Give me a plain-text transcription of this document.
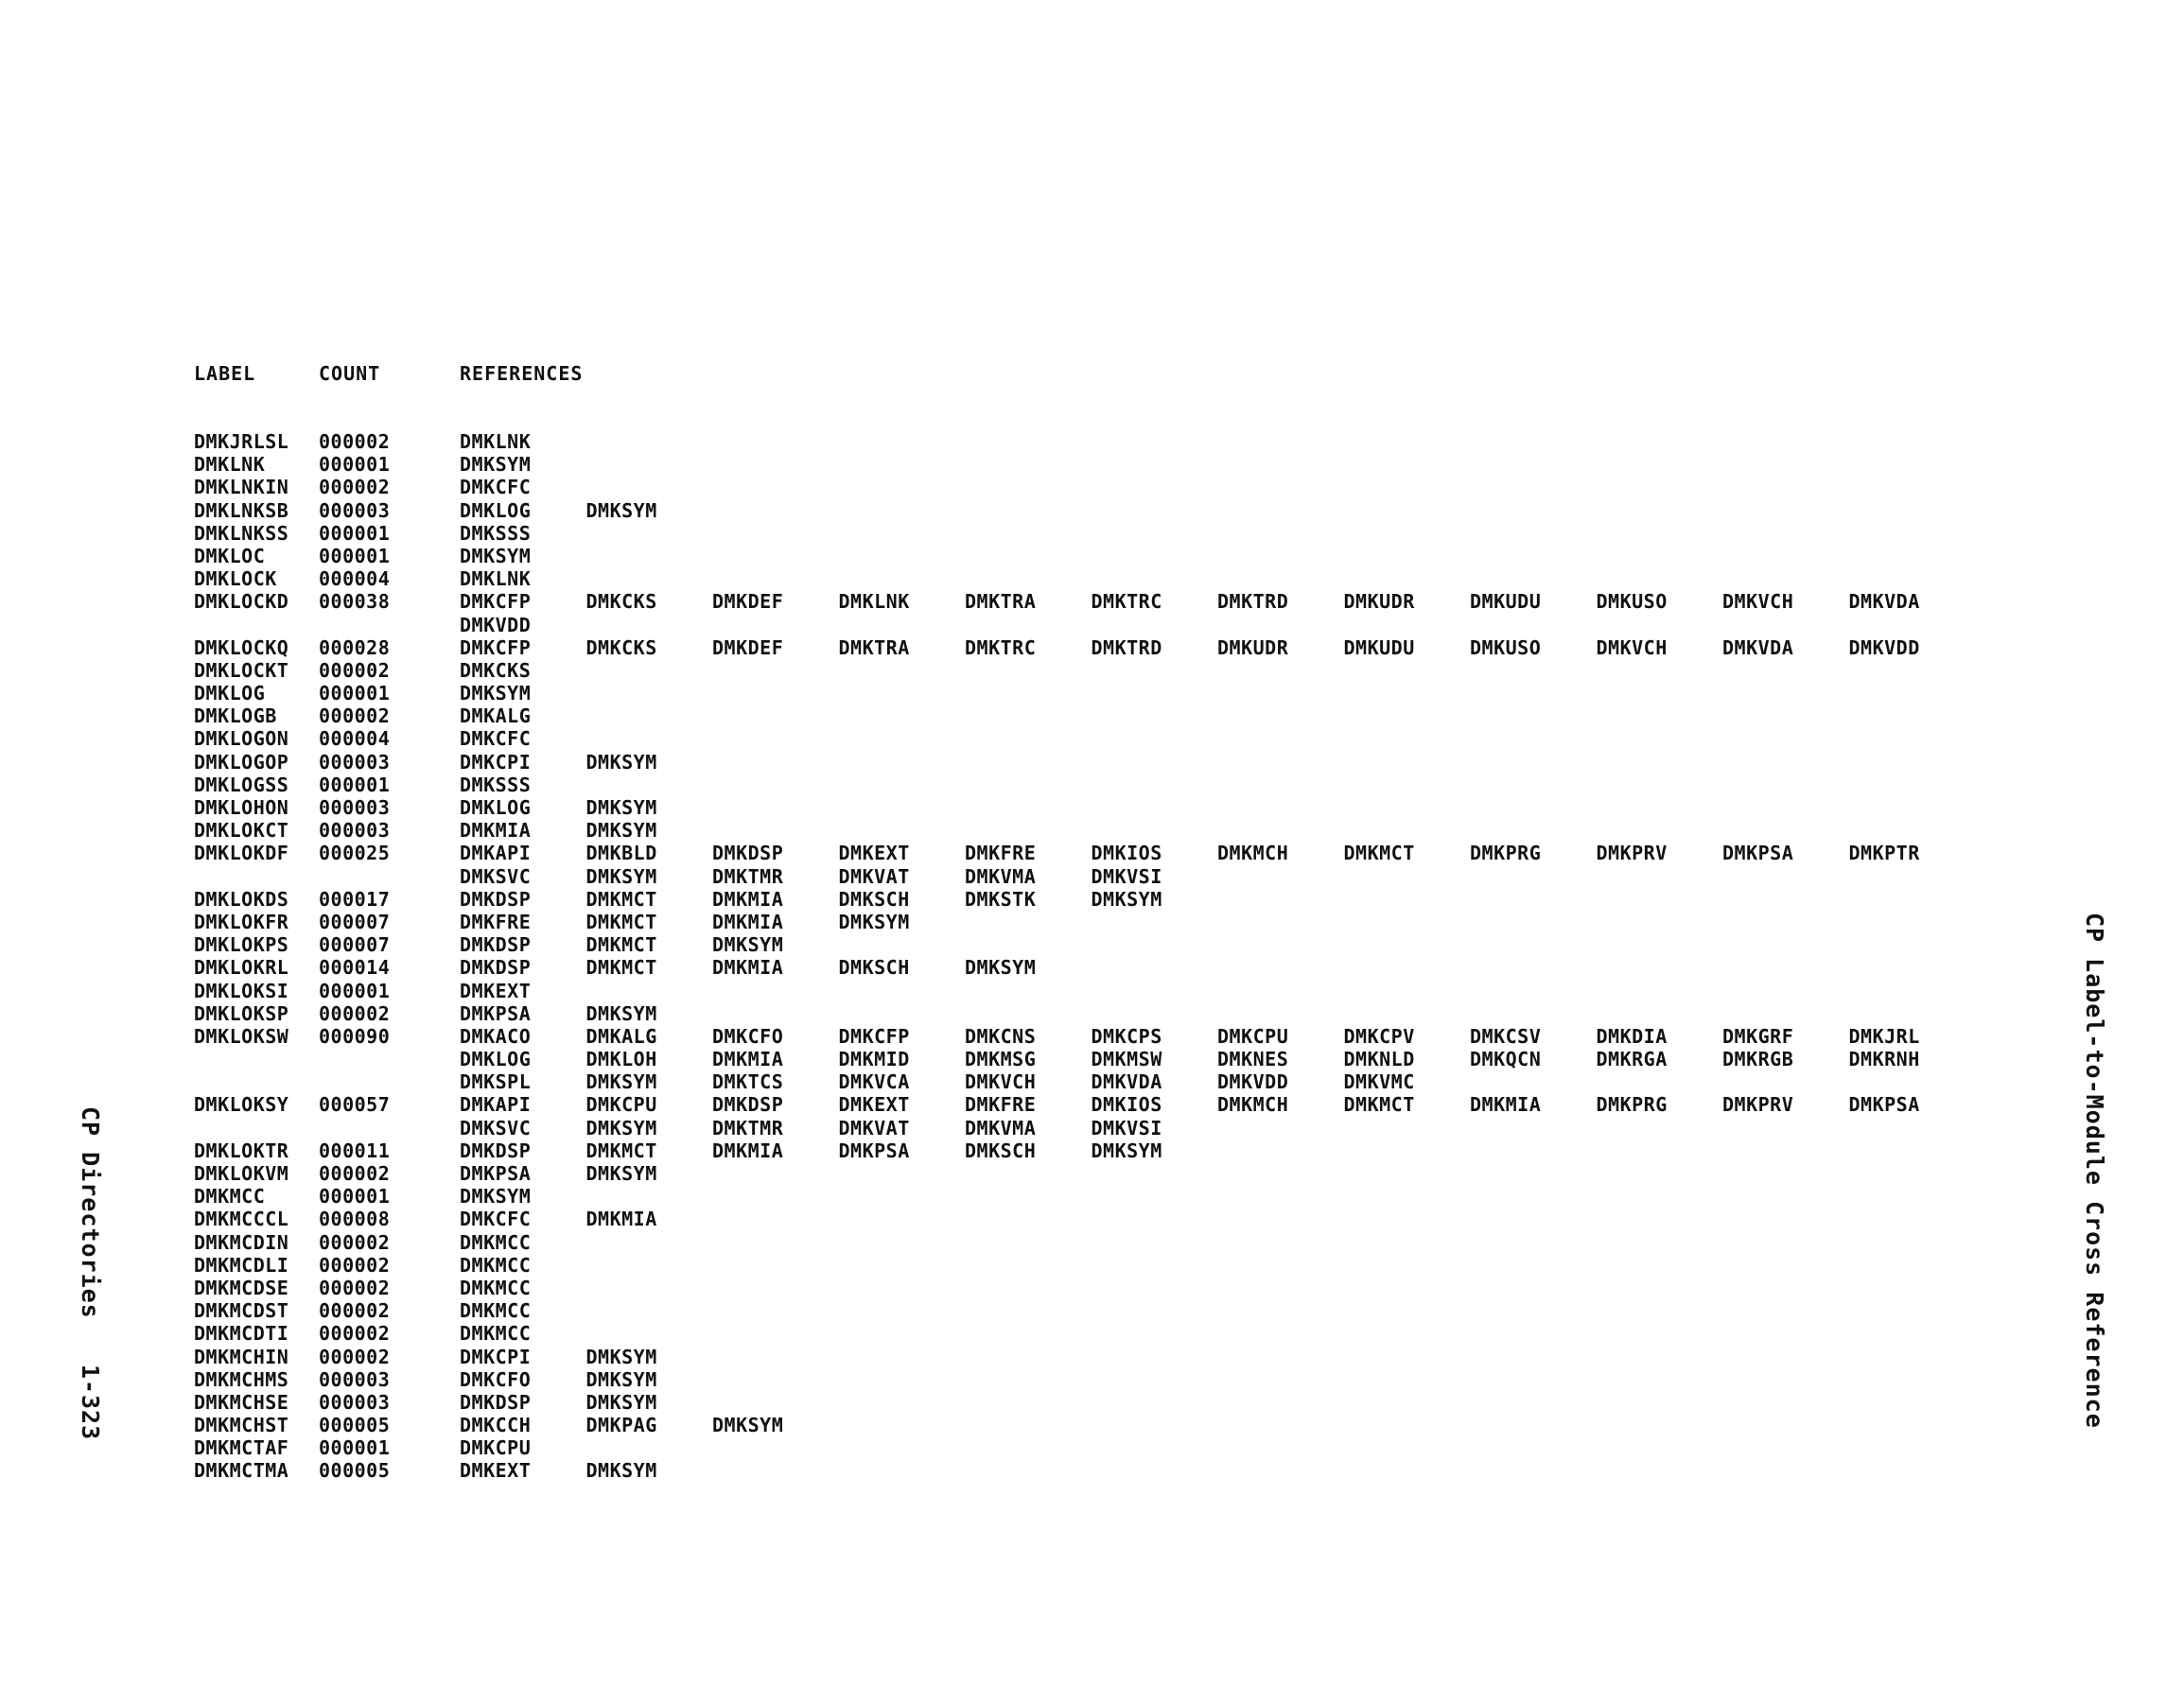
LABEL	COUNT	REFERENCES
DMKJRLSL 000002	DMKLNK
DMKLNK	000001	DMKSYM
DMKLNKIN 000002	DMKCFC
DMKLNKSB 000003	DMKLOG	DMKSYM
DMKLNKSS 000001	DMKSSS
DMKLOC	000001	DMKSYM
DMKLOCK 000004	DMKLNK
DMKLOCKD 000038	DMKCFP	DMKCKS	DMKDEF	DMKLNK	DMKTRA	DMKTRC	DMKTRD	DMKUDR	DMKUDU	DMKUSO	DMKVCH	DMKVDA
DMKVDD
DMKLOCKQ 000028	DMKCFP	DMKCKS	DMKDEF	DMKTRA	DMKTRC	DMKTRD	DMKUDR	DMKUDU	DMKUSO	DMKVCH	DMKVDA	DMKVDD
DMKLOCKT 000002	DMKCKS
DMKLOG	000001	DMKSYM
DMKLOGB 000002	DMKALG
DMKLOGON 000004	DMKCFC
DMKLOGOP 000003	DMKCPI	DMKSYM
DMKLOGSS 000001	DMKSSS
DMKLOHON 000003	DMKLOG	DMKSYM
DMKLOKCT 000003	DMKMIA	DMKSYM
DMKLOKDF 000025	DMKAPI	DMKBLD	DMKDSP	DMKEXT	DMKFRE	DMKIOS	DMKMCH	DMKMCT	DMKPRG	DMKPRV	DMKPSA	DMKPTR
DMKSVC	DMKSYM	DMKTMR	DMKVAT	DMKVMA	DMKVSI
DMKLOKDS 000017	DMKDSP	DMKMCT	DMKMIA	DMKSCH	DMKSTK	DMKSYM
DMKLOKFR 000007	DMKFRE	DMKMCT	DMKMIA	DMKSYM
DMKLOKPS 000007	DMKDSP	DMKMCT	DMKSYM
DMKLOKRL 000014	DMKDSP	DMKMCT	DMKMIA	DMKSCH	DMKSYM
DMKLOKSI 000001	DMKEXT
DMKLOKSP 000002	DMKPSA	DMKSYM
DMKLOKSW 000090	DMKACO	DMKALG	DMKCFO	DMKCFP	DMKCNS	DMKCPS	DMKCPU	DMKCPV	DMKCSV	DMKDIA	DMKGRF	DMKJRL
DMKLOG	DMKLOH	DMKMIA	DMKMID	DMKMSG	DMKMSW	DMKNES	DMKNLD	DMKQCN	DMKRGA	DMKRGB	DMKRNH
DMKSPL	DMKSYM	DMKTCS	DMKVCA	DMKVCH	DMKVDA	DMKVDD	DMKVMC
DMKLOKSY 000057	DMKAPI	DMKCPU	DMKDSP	DMKEXT	DMKFRE	DMKIOS	DMKMCH	DMKMCT	DMKMIA	DMKPRG	DMKPRV	DMKPSA
DMKSVC	DMKSYM	DMKTMR	DMKVAT	DMKVMA	DMKVSI
DMKLOKTR 000011	DMKDSP	DMKMCT	DMKMIA	DMKPSA	DMKSCH	DMKSYM
DMKLOKVM 000002	DMKPSA	DMKSYM
DMKMCC	000001	DMKSYM
DMKMCCCL 000008	DMKCFC	DMKMIA
DMKMCDIN 000002	DMKMCC
DMKMCDLI 000002	DMKMCC
DMKMCDSE 000002	DMKMCC
DMKMCDST 000002	DMKMCC
DMKMCDTI 000002	DMKMCC
DMKMCHIN 000002	DMKCPI	DMKSYM
DMKMCHMS 000003	DMKCFO	DMKSYM
DMKMCHSE 000003	DMKDSP	DMKSYM
DMKMCHST 000005	DMKCCH	DMKPAG	DMKSYM
DMKMCTAF 000001	DMKCPU
DMKMCTMA 000005	DMKEXT	DMKSYM
CP Label-to-Module Cross Reference
CP Directories   1-323
